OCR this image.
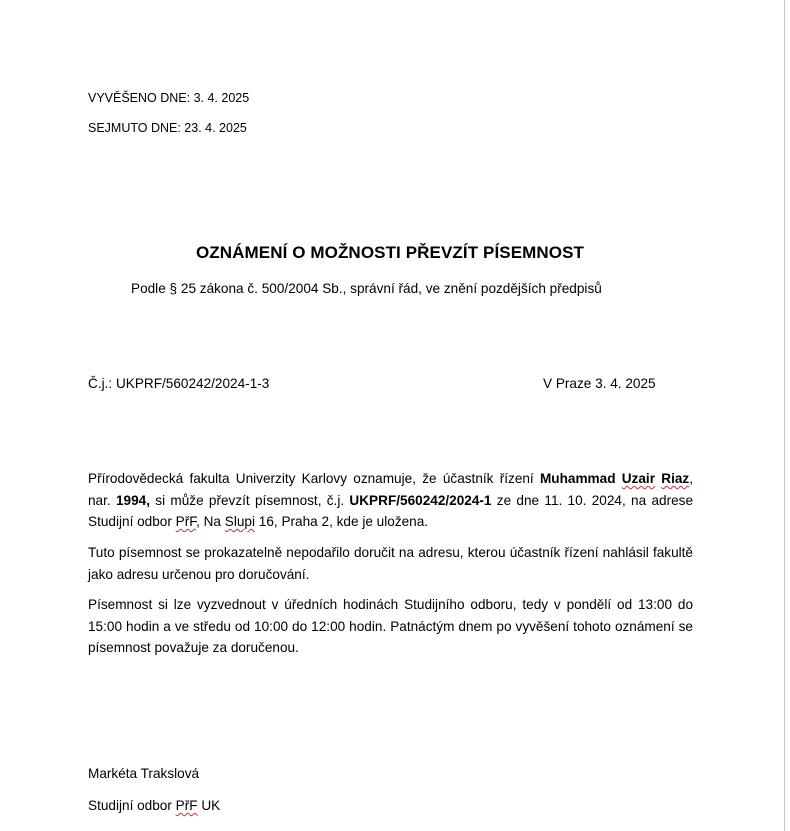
VYVĚŠENO DNE: 3. 4. 2025
SEJMUTO DNE: 23. 4. 2025
OZNÁMENÍ O MOŽNOSTI PŘEVZÍT PÍSEMNOST
Podle § 25 zákona č. 500/2004 Sb., správní řád, ve znění pozdějších předpisů
Č.j.: UKPRF/560242/2024-1-3	V Praze 3. 4. 2025
Přírodovědecká fakulta Univerzity Karlovy oznamuje, že účastník řízení Muhammad Uzair Riaz, nar. 1994, si může převzít písemnost, č.j. UKPRF/560242/2024-1 ze dne 11. 10. 2024, na adrese Studijní odbor PřF, Na Slupi 16, Praha 2, kde je uložena.
Tuto písemnost se prokazatelně nepodařilo doručit na adresu, kterou účastník řízení nahlásil fakultě jako adresu určenou pro doručování.
Písemnost si lze vyzvednout v úředních hodinách Studijního odboru, tedy v pondělí od 13:00 do 15:00 hodin a ve středu od 10:00 do 12:00 hodin. Patnáctým dnem po vyvěšení tohoto oznámení se písemnost považuje za doručenou.
Markéta Trakslová
Studijní odbor PřF UK
